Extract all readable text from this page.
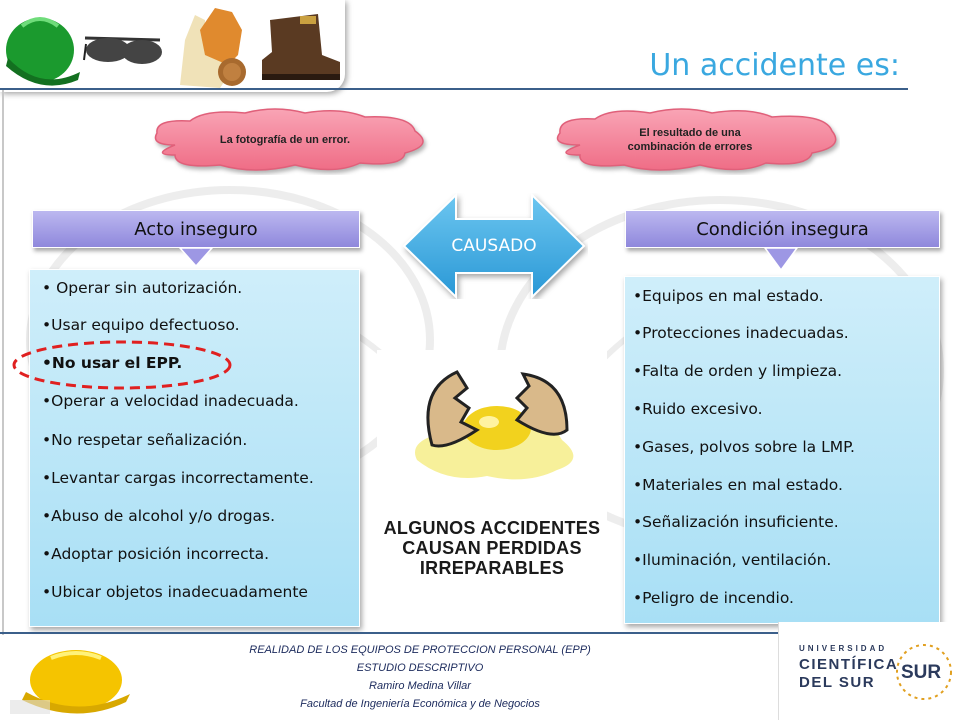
Un accidente es:
La fotografía de un error.
El resultado de una
combinación de errores
Acto inseguro	Condición insegura
CAUSADO
• Operar sin autorización.
•Usar equipo defectuoso.
•No usar el EPP.
•Operar a velocidad inadecuada.
•No respetar señalización.
•Levantar cargas incorrectamente.
•Abuso de alcohol y/o drogas.
•Adoptar posición incorrecta.
•Ubicar objetos inadecuadamente
•Equipos en mal estado.
•Protecciones inadecuadas.
•Falta de orden y limpieza.
•Ruido excesivo.
•Gases, polvos sobre la LMP.
•Materiales en mal estado.
•Señalización insuficiente.
•Iluminación, ventilación.
•Peligro de incendio.
ALGUNOS ACCIDENTES
CAUSAN PERDIDAS
IRREPARABLES
REALIDAD DE LOS EQUIPOS DE PROTECCION PERSONAL (EPP)
ESTUDIO DESCRIPTIVO
Ramiro Medina Villar
Facultad de Ingeniería Económica y de Negocios
UNIVERSIDAD
CIENTÍFICA
DEL SUR SUR
